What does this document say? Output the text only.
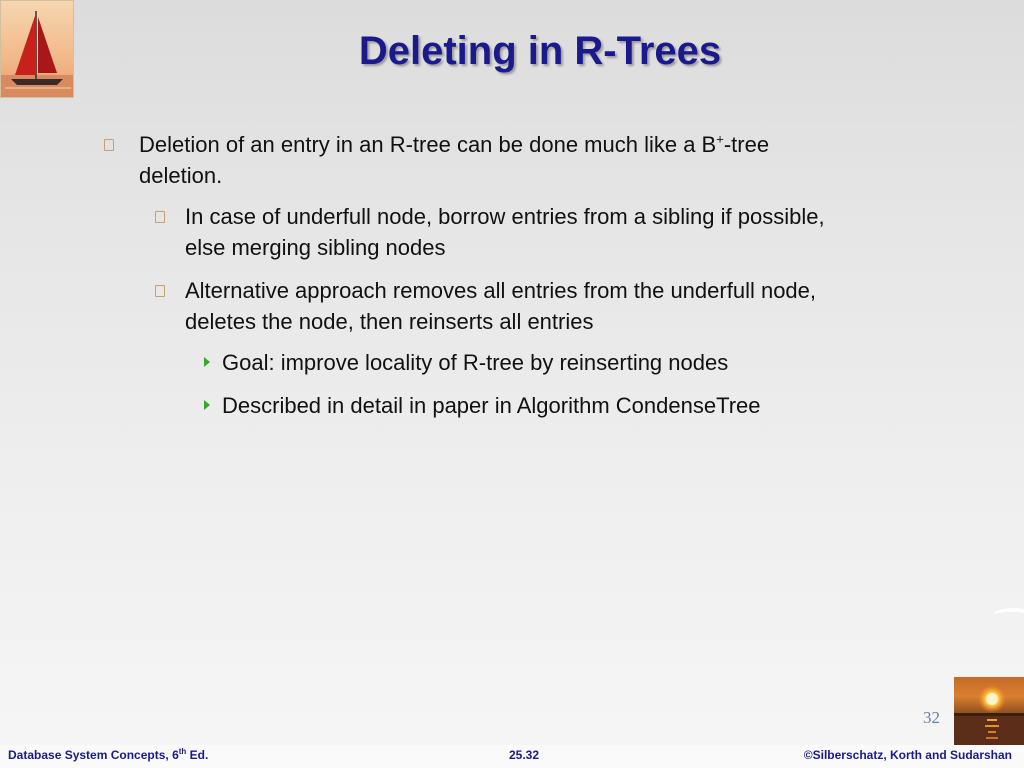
Deleting in R-Trees
Deletion of an entry in an R-tree can be done much like a B+-tree
deletion.
In case of underfull node, borrow entries from a sibling if possible,
else merging sibling nodes
Alternative approach removes all entries from the underfull node,
deletes the node, then reinserts all entries
Goal: improve locality of R-tree by reinserting nodes
Described in detail in paper in Algorithm CondenseTree
32
Database System Concepts, 6th Ed.	25.32	©Silberschatz, Korth and Sudarshan
